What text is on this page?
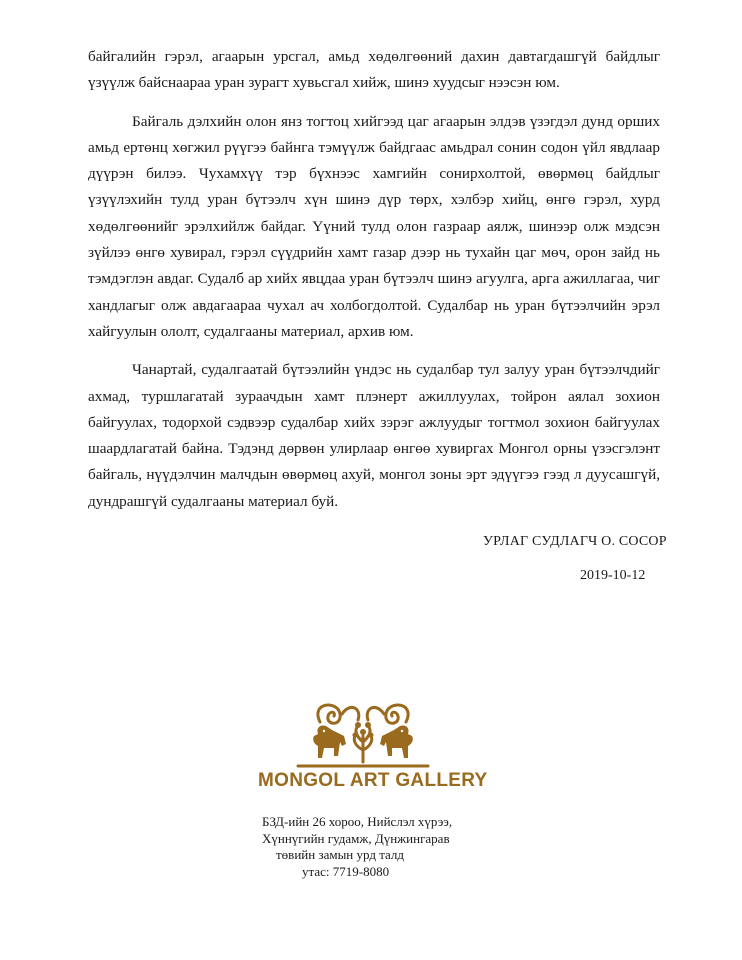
байгалийн гэрэл, агаарын урсгал, амьд хөдөлгөөний дахин давтагдашгүй байдлыг үзүүлж байснаараа уран зурагт хувьсгал хийж, шинэ хуудсыг нээсэн юм.

Байгаль дэлхийн олон янз тогтоц хийгээд цаг агаарын элдэв үзэгдэл дунд орших амьд ертөнц хөгжил рүүгээ байнга тэмүүлж байдгаас амьдрал сонин содон үйл явдлаар дүүрэн билээ. Чухамхүү тэр бүхнээс хамгийн сонирхолтой, өвөрмөц байдлыг үзүүлэхийн тулд уран бүтээлч хүн шинэ дүр төрх, хэлбэр хийц, өнгө гэрэл, хурд хөдөлгөөнийг эрэлхийлж байдаг. Үүний тулд олон газраар аялж, шинээр олж мэдсэн зүйлээ өнгө хувирал, гэрэл сүүдрийн хамт газар дээр нь тухайн цаг мөч, орон зайд нь тэмдэглэн авдаг. Судалб ар хийх явцдаа уран бүтээлч шинэ агуулга, арга ажиллагаа, чиг хандлагыг олж авдагаараа чухал ач холбогдолтой. Судалбар нь уран бүтээлчийн эрэл хайгуулын ололт, судалгааны материал, архив юм.

Чанартай, судалгаатай бүтээлийн үндэс нь судалбар тул залуу уран бүтээлчдийг ахмад, туршлагатай зураачдын хамт плэнерт ажиллуулах, тойрон аялал зохион байгуулах, тодорхой сэдвээр судалбар хийх зэрэг ажлуудыг тогтмол зохион байгуулах шаардлагатай байна. Тэдэнд дөрвөн улирлаар өнгөө хувиргах Монгол орны үзэсгэлэнт байгаль, нүүдэлчин малчдын өвөрмөц ахуй, монгол зоны эрт эдүүгээ гээд л дуусашгүй, дундрашгүй судалгааны материал буй.

УРЛАГ СУДЛАГЧ О. СОСОР
2019-10-12
MONGOL ART GALLERY
БЗД-ийн 26 хороо, Нийслэл хүрээ,
Хүннүгийн гудамж, Дүнжингарав
төвийн замын урд талд
утас: 7719-8080
